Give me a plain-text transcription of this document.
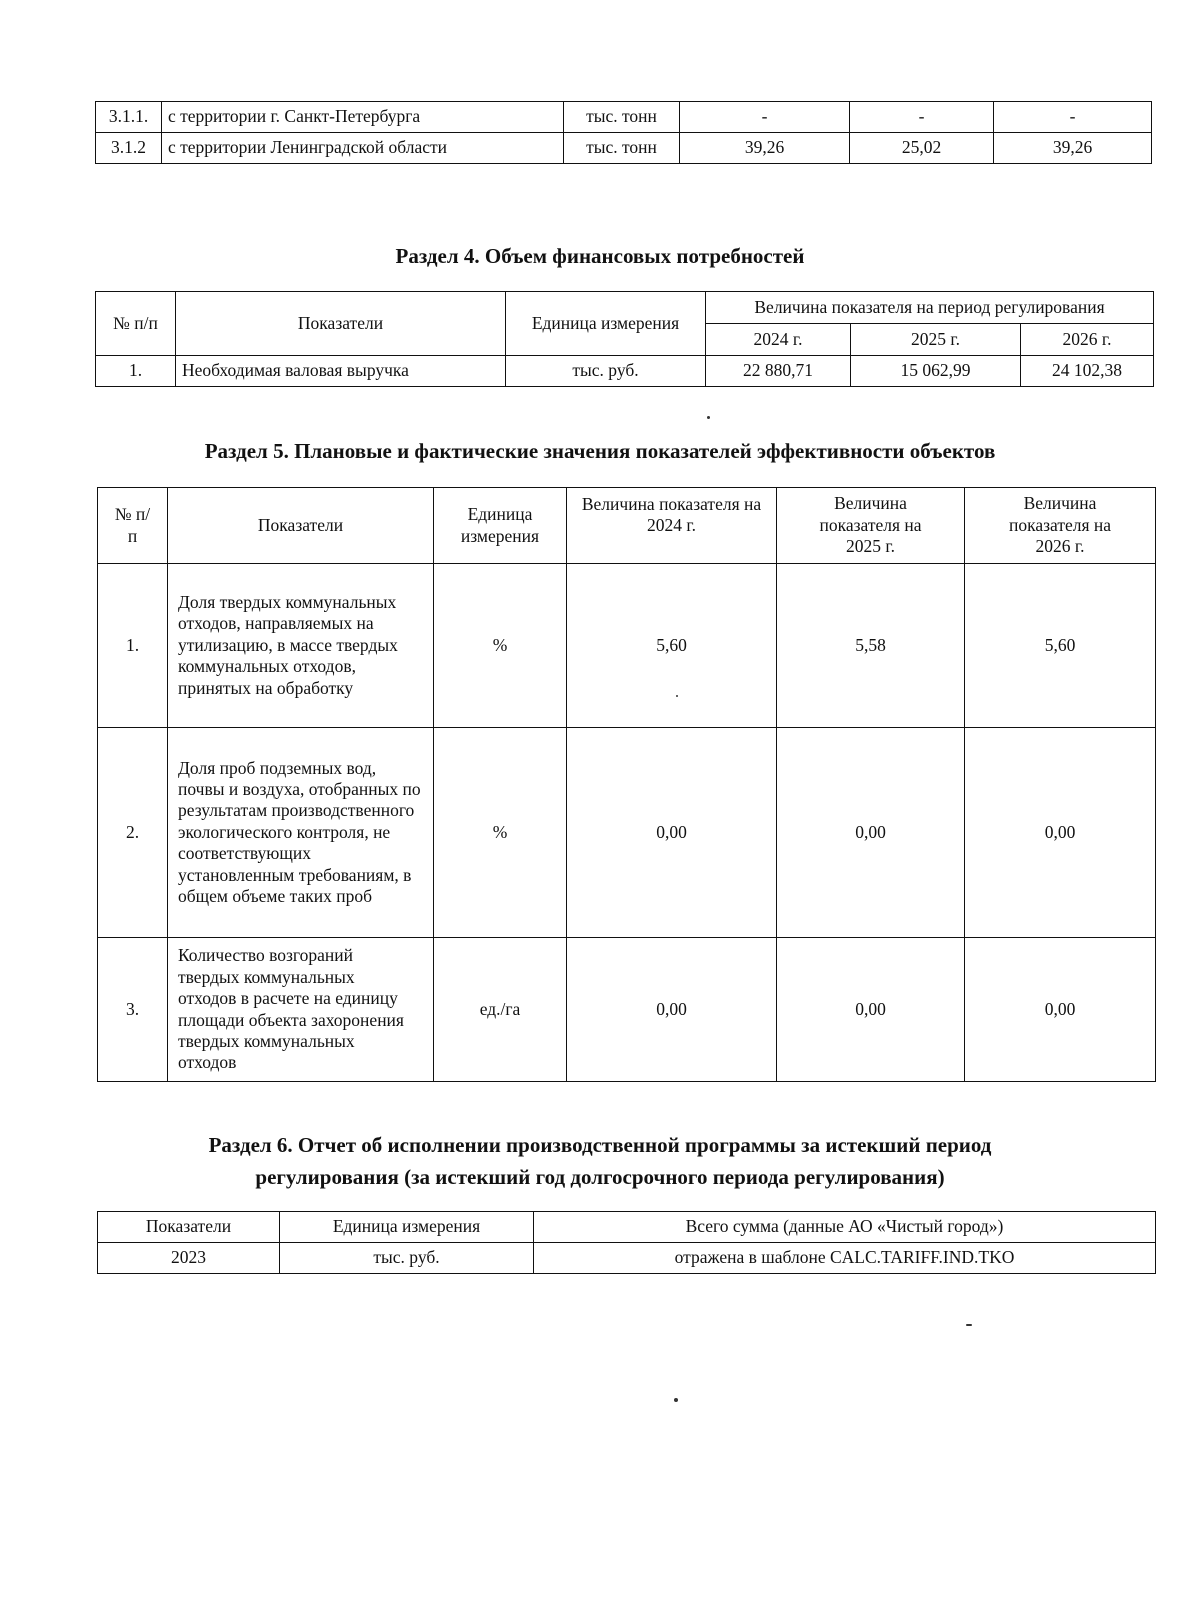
3.1.1.	с территории г. Санкт-Петербурга	тыс. тонн	-	-	-
3.1.2	с территории Ленинградской области	тыс. тонн	39,26	25,02	39,26
Раздел 4. Объем финансовых потребностей
№ п/п	Показатели	Единица измерения	Величина показателя на период регулирования		
			2024 г.	2025 г.	2026 г.
1.	Необходимая валовая выручка	тыс. руб.	22 880,71	15 062,99	24 102,38
Раздел 5. Плановые и фактические значения показателей эффективности объектов
№ п/п	Показатели	Единица измерения	Величина показателя на 2024 г.	Величина показателя на 2025 г.	Величина показателя на 2026 г.
1.	Доля твердых коммунальных отходов, направляемых на утилизацию, в массе твердых коммунальных отходов, принятых на обработку	%	5,60	5,58	5,60
2.	Доля проб подземных вод, почвы и воздуха, отобранных по результатам производственного экологического контроля, не соответствующих установленным требованиям, в общем объеме таких проб	%	0,00	0,00	0,00
3.	Количество возгораний твердых коммунальных отходов в расчете на единицу площади объекта захоронения твердых коммунальных отходов	ед./га	0,00	0,00	0,00
Раздел 6. Отчет об исполнении производственной программы за истекший период
регулирования (за истекший год долгосрочного периода регулирования)
Показатели	Единица измерения	Всего сумма (данные АО «Чистый город»)
2023	тыс. руб.	отражена в шаблоне CALC.TARIFF.IND.TKO
